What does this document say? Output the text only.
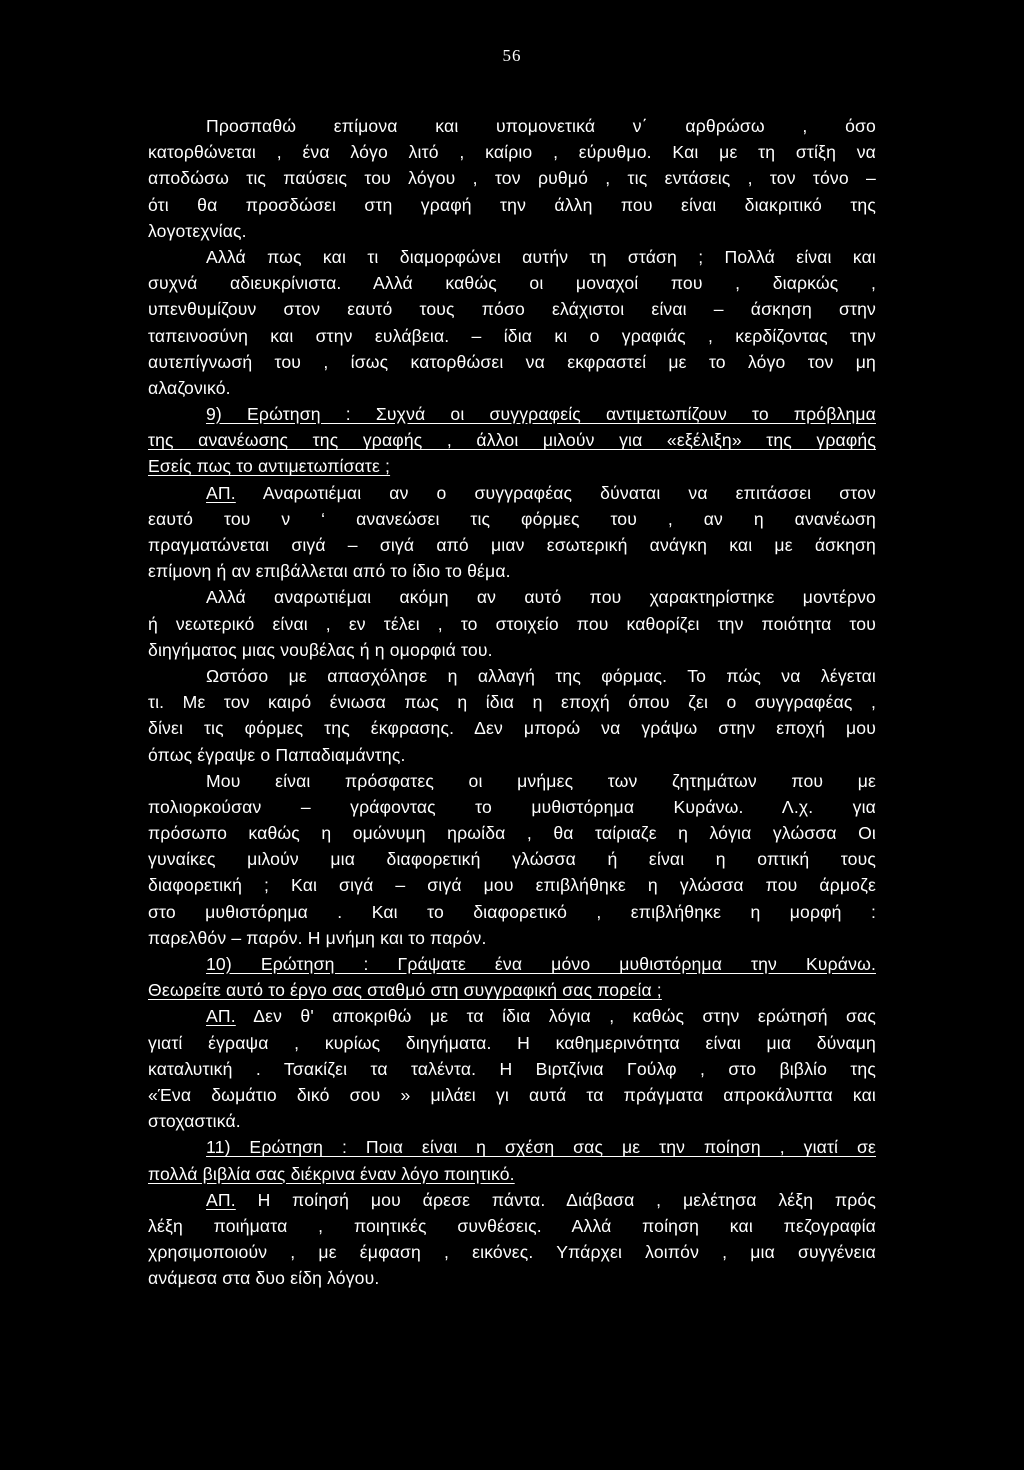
56
Προσπαθώ επίμονα και υπομονετικά ν΄ αρθρώσω , όσο
κατορθώνεται , ένα λόγο λιτό , καίριο , εύρυθμο. Και με τη στίξη να
αποδώσω τις παύσεις του λόγου , τον ρυθμό , τις εντάσεις , τον τόνο –
ότι θα προσδώσει στη γραφή την άλλη που είναι διακριτικό της
λογοτεχνίας.
Αλλά πως και τι διαμορφώνει αυτήν τη στάση ; Πολλά είναι και
συχνά αδιευκρίνιστα. Αλλά καθώς οι μοναχοί που , διαρκώς ,
υπενθυμίζουν στον εαυτό τους πόσο ελάχιστοι είναι – άσκηση στην
ταπεινοσύνη και στην ευλάβεια. – ίδια κι ο γραφιάς , κερδίζοντας την
αυτεπίγνωσή του , ίσως κατορθώσει να εκφραστεί με το λόγο τον μη
αλαζονικό.
9) Ερώτηση : Συχνά οι συγγραφείς αντιμετωπίζουν το πρόβλημα
της ανανέωσης της γραφής , άλλοι μιλούν για «εξέλιξη» της γραφής
Εσείς πως το αντιμετωπίσατε ;
ΑΠ. Αναρωτιέμαι αν ο συγγραφέας δύναται να επιτάσσει στον
εαυτό του ν ‘ ανανεώσει τις φόρμες του , αν η ανανέωση
πραγματώνεται σιγά – σιγά από μιαν εσωτερική ανάγκη και με άσκηση
επίμονη ή αν επιβάλλεται από το ίδιο το θέμα.
Αλλά αναρωτιέμαι ακόμη αν αυτό που χαρακτηρίστηκε μοντέρνο
ή νεωτερικό είναι , εν τέλει , το στοιχείο που καθορίζει την ποιότητα του
διηγήματος μιας νουβέλας ή η ομορφιά του.
Ωστόσο με απασχόλησε η αλλαγή της φόρμας. Το πώς να λέγεται
τι. Με τον καιρό ένιωσα πως η ίδια η εποχή όπου ζει ο συγγραφέας ,
δίνει τις φόρμες της έκφρασης. Δεν μπορώ να γράψω στην εποχή μου
όπως έγραψε ο Παπαδιαμάντης.
Μου είναι πρόσφατες οι μνήμες των ζητημάτων που με
πολιορκούσαν – γράφοντας το μυθιστόρημα Κυράνω. Λ.χ. για
πρόσωπο καθώς η ομώνυμη ηρωίδα , θα ταίριαζε η λόγια γλώσσα Οι
γυναίκες μιλούν μια διαφορετική γλώσσα ή είναι η οπτική τους
διαφορετική ; Και σιγά – σιγά μου επιβλήθηκε η γλώσσα που άρμοζε
στο μυθιστόρημα . Και το διαφορετικό , επιβλήθηκε η μορφή :
παρελθόν – παρόν. Η μνήμη και το παρόν.
10) Ερώτηση : Γράψατε ένα μόνο μυθιστόρημα την Κυράνω.
Θεωρείτε αυτό το έργο σας σταθμό στη συγγραφική σας πορεία ;
ΑΠ. Δεν θ' αποκριθώ με τα ίδια λόγια , καθώς στην ερώτησή σας
γιατί έγραψα , κυρίως διηγήματα. Η καθημερινότητα είναι μια δύναμη
καταλυτική . Τσακίζει τα ταλέντα. Η Βιρτζίνια Γούλφ , στο βιβλίο της
«Ένα δωμάτιο δικό σου » μιλάει γι αυτά τα πράγματα απροκάλυπτα και
στοχαστικά.
11) Ερώτηση : Ποια είναι η σχέση σας με την ποίηση , γιατί σε
πολλά βιβλία σας διέκρινα έναν λόγο ποιητικό.
ΑΠ. Η ποίησή μου άρεσε πάντα. Διάβασα , μελέτησα λέξη πρός
λέξη ποιήματα , ποιητικές συνθέσεις. Αλλά ποίηση και πεζογραφία
χρησιμοποιούν , με έμφαση , εικόνες. Υπάρχει λοιπόν , μια συγγένεια
ανάμεσα στα δυο είδη λόγου.
